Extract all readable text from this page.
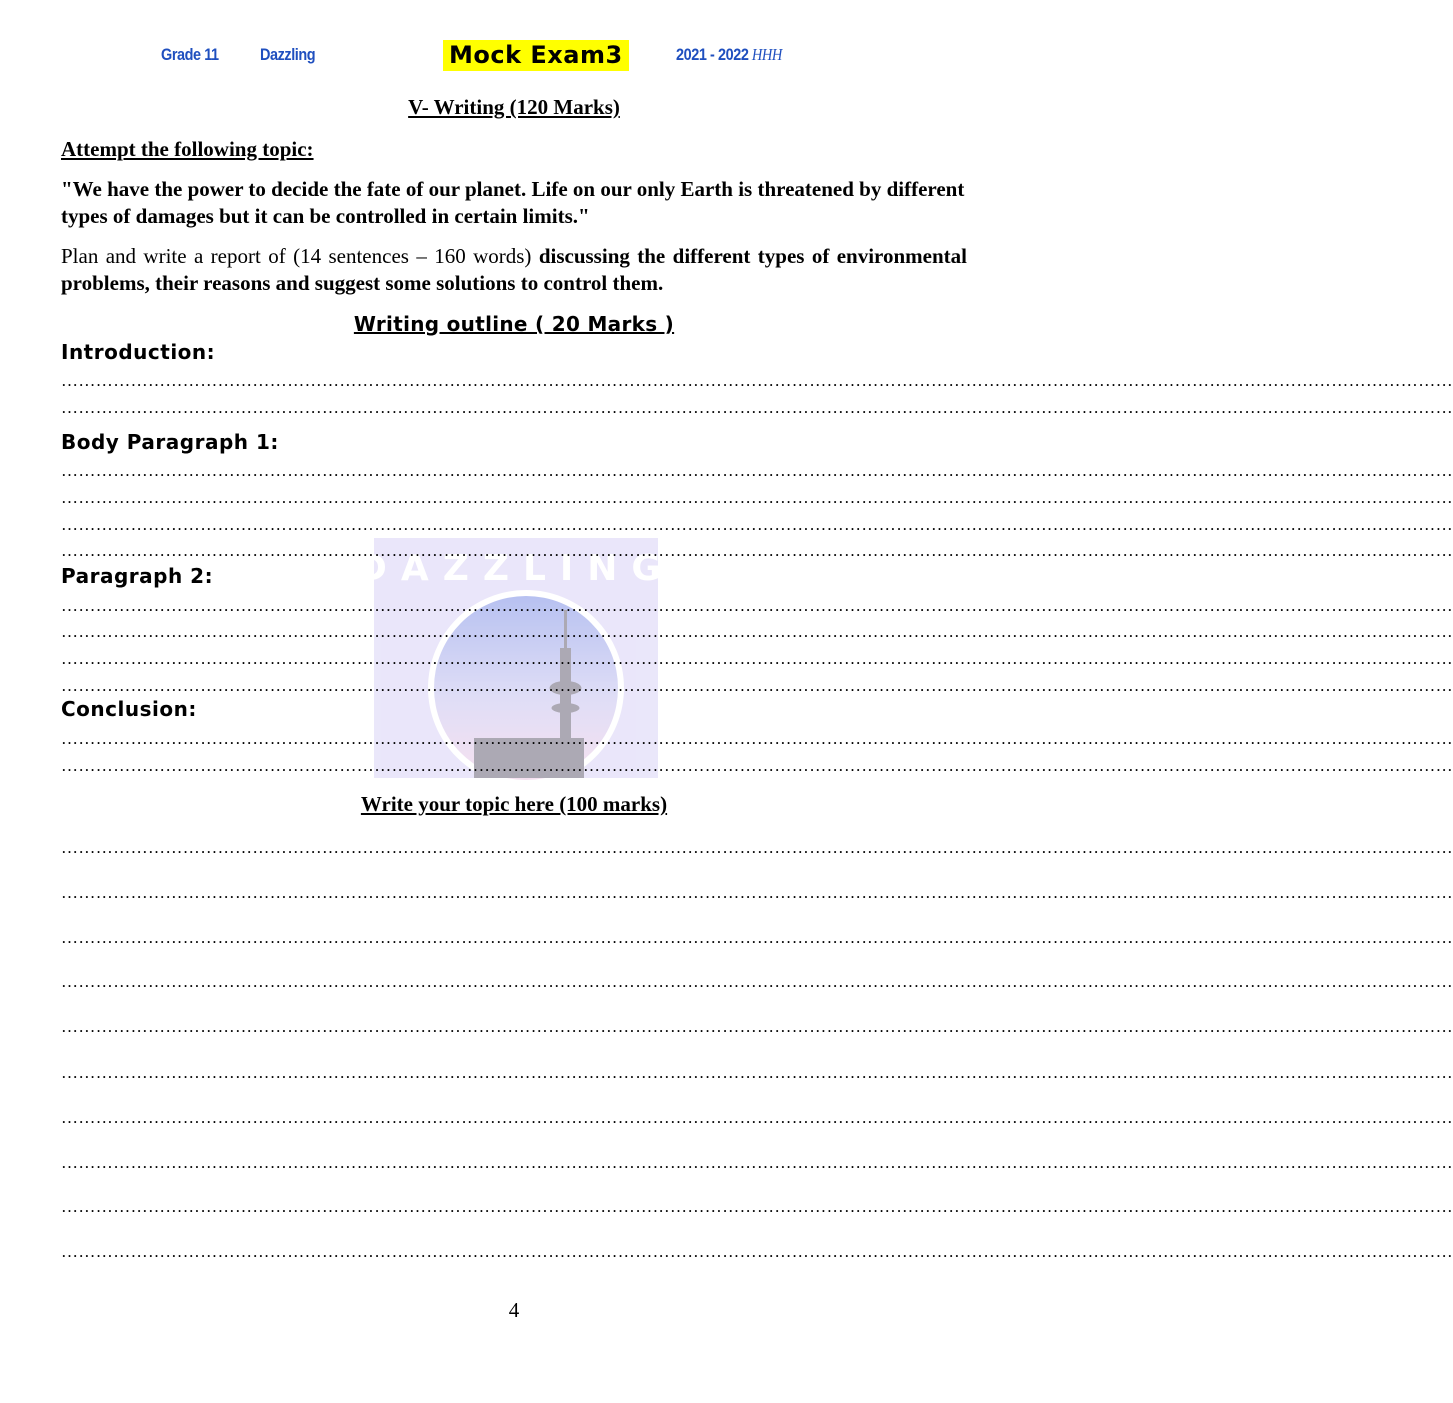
Grade 11 Dazzling	Mock Exam3	2021 - 2022 HHH
DAZZLING
V- Writing (120 Marks)
Attempt the following topic:
"We have the power to decide the fate of our planet. Life on our only Earth is threatened by different types of damages but it can be controlled in certain limits."
Plan and write a report of (14 sentences – 160 words) discussing the different types of environmental problems, their reasons and suggest some solutions to control them.
Writing outline ( 20 Marks )
Introduction:
……………………………………………………………………………………………………………………………………………………………………………………………………………………
……………………………………………………………………………………………………………………………………………………………………………………………………………………
Body Paragraph 1:
……………………………………………………………………………………………………………………………………………………………………………………………………………………
……………………………………………………………………………………………………………………………………………………………………………………………………………………
……………………………………………………………………………………………………………………………………………………………………………………………………………………
……………………………………………………………………………………………………………………………………………………………………………………………………………………
Paragraph 2:
……………………………………………………………………………………………………………………………………………………………………………………………………………………
……………………………………………………………………………………………………………………………………………………………………………………………………………………
……………………………………………………………………………………………………………………………………………………………………………………………………………………
……………………………………………………………………………………………………………………………………………………………………………………………………………………
Conclusion:
……………………………………………………………………………………………………………………………………………………………………………………………………………………
……………………………………………………………………………………………………………………………………………………………………………………………………………………
Write your topic here (100 marks)
……………………………………………………………………………………………………………………………………………………………………………………………………………………
……………………………………………………………………………………………………………………………………………………………………………………………………………………
……………………………………………………………………………………………………………………………………………………………………………………………………………………
……………………………………………………………………………………………………………………………………………………………………………………………………………………
……………………………………………………………………………………………………………………………………………………………………………………………………………………
……………………………………………………………………………………………………………………………………………………………………………………………………………………
……………………………………………………………………………………………………………………………………………………………………………………………………………………
……………………………………………………………………………………………………………………………………………………………………………………………………………………
……………………………………………………………………………………………………………………………………………………………………………………………………………………
……………………………………………………………………………………………………………………………………………………………………………………………………………………
4
